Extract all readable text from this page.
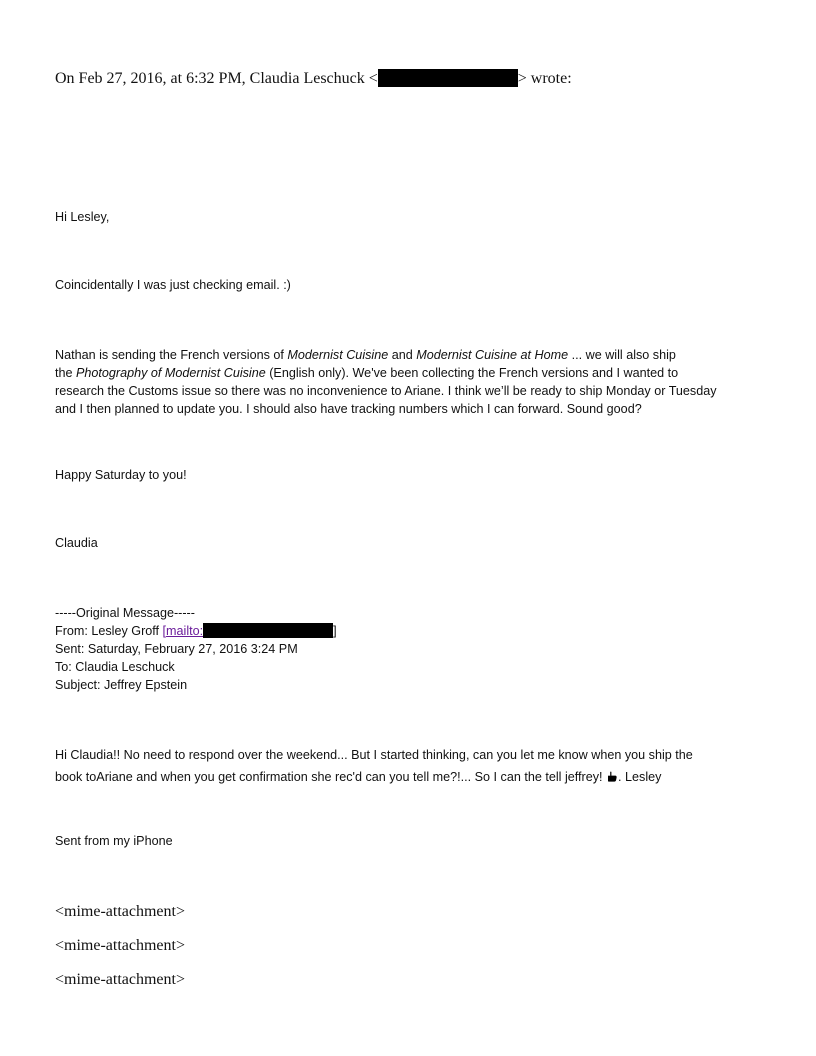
On Feb 27, 2016, at 6:32 PM, Claudia Leschuck <	> wrote:
Hi Lesley,
Coincidentally I was just checking email. :)
Nathan is sending the French versions of Modernist Cuisine and Modernist Cuisine at Home ... we will also ship
the Photography of Modernist Cuisine (English only). We've been collecting the French versions and I wanted to
research the Customs issue so there was no inconvenience to Ariane. I think we’ll be ready to ship Monday or Tuesday
and I then planned to update you. I should also have tracking numbers which I can forward. Sound good?
Happy Saturday to you!
Claudia
-----Original Message-----
From: Lesley Groff [mailto:	]
Sent: Saturday, February 27, 2016 3:24 PM
To: Claudia Leschuck
Subject: Jeffrey Epstein
Hi Claudia!! No need to respond over the weekend... But I started thinking, can you let me know when you ship the
book toAriane and when you get confirmation she rec'd can you tell me?!... So I can the tell jeffrey!
. Lesley
Sent from my iPhone
<mime-attachment>
<mime-attachment>
<mime-attachment>
